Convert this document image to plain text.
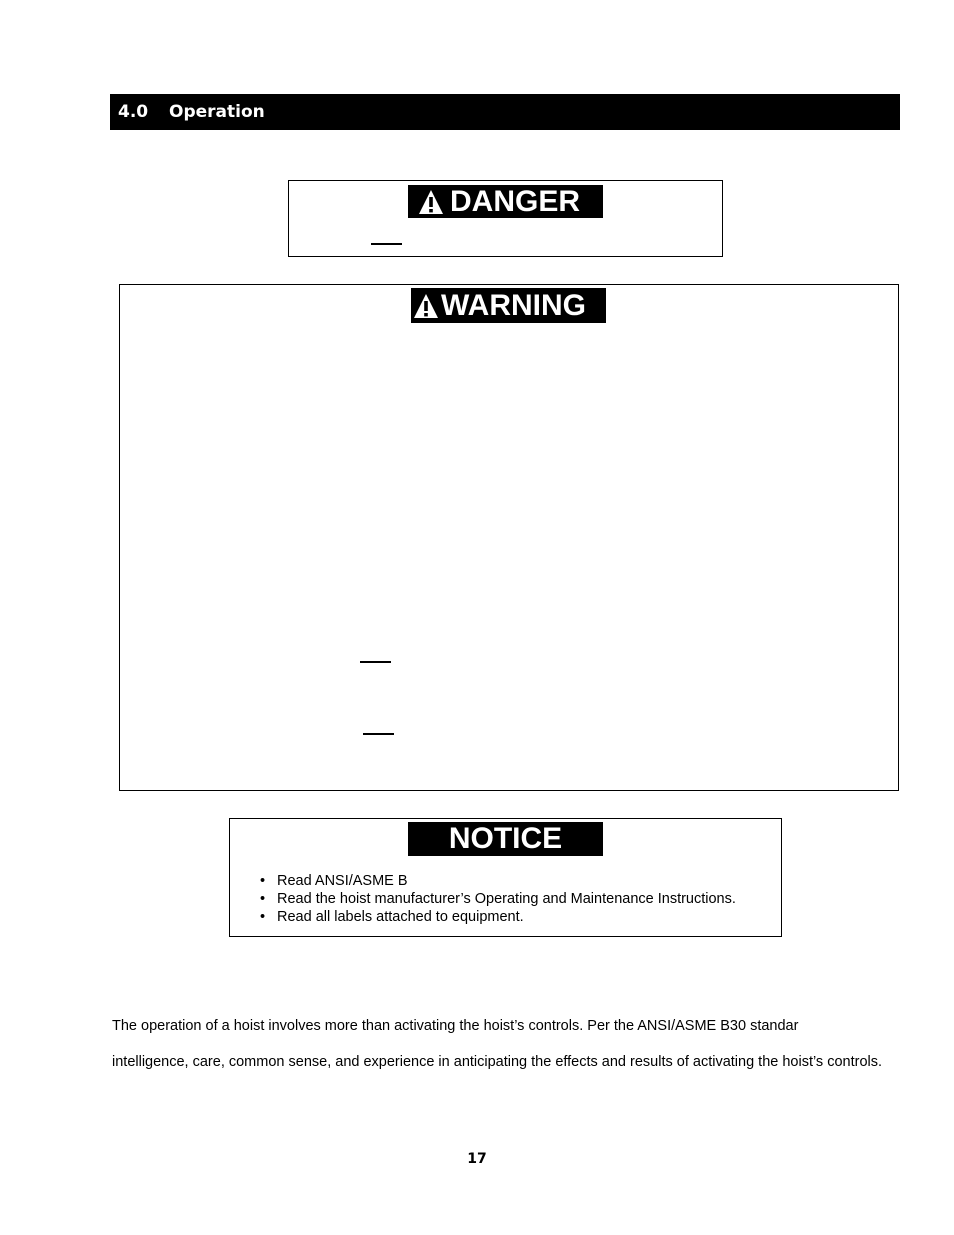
4.0	Operation
DANGER
WARNING
NOTICE
• Read ANSI/ASME B
• Read the hoist manufacturer’s Operating and Maintenance Instructions.
• Read all labels attached to equipment.
The operation of a hoist involves more than activating the hoist’s controls. Per the ANSI/ASME B30 standar
intelligence, care, common sense, and experience in anticipating the effects and results of activating the hoist’s controls.
17
